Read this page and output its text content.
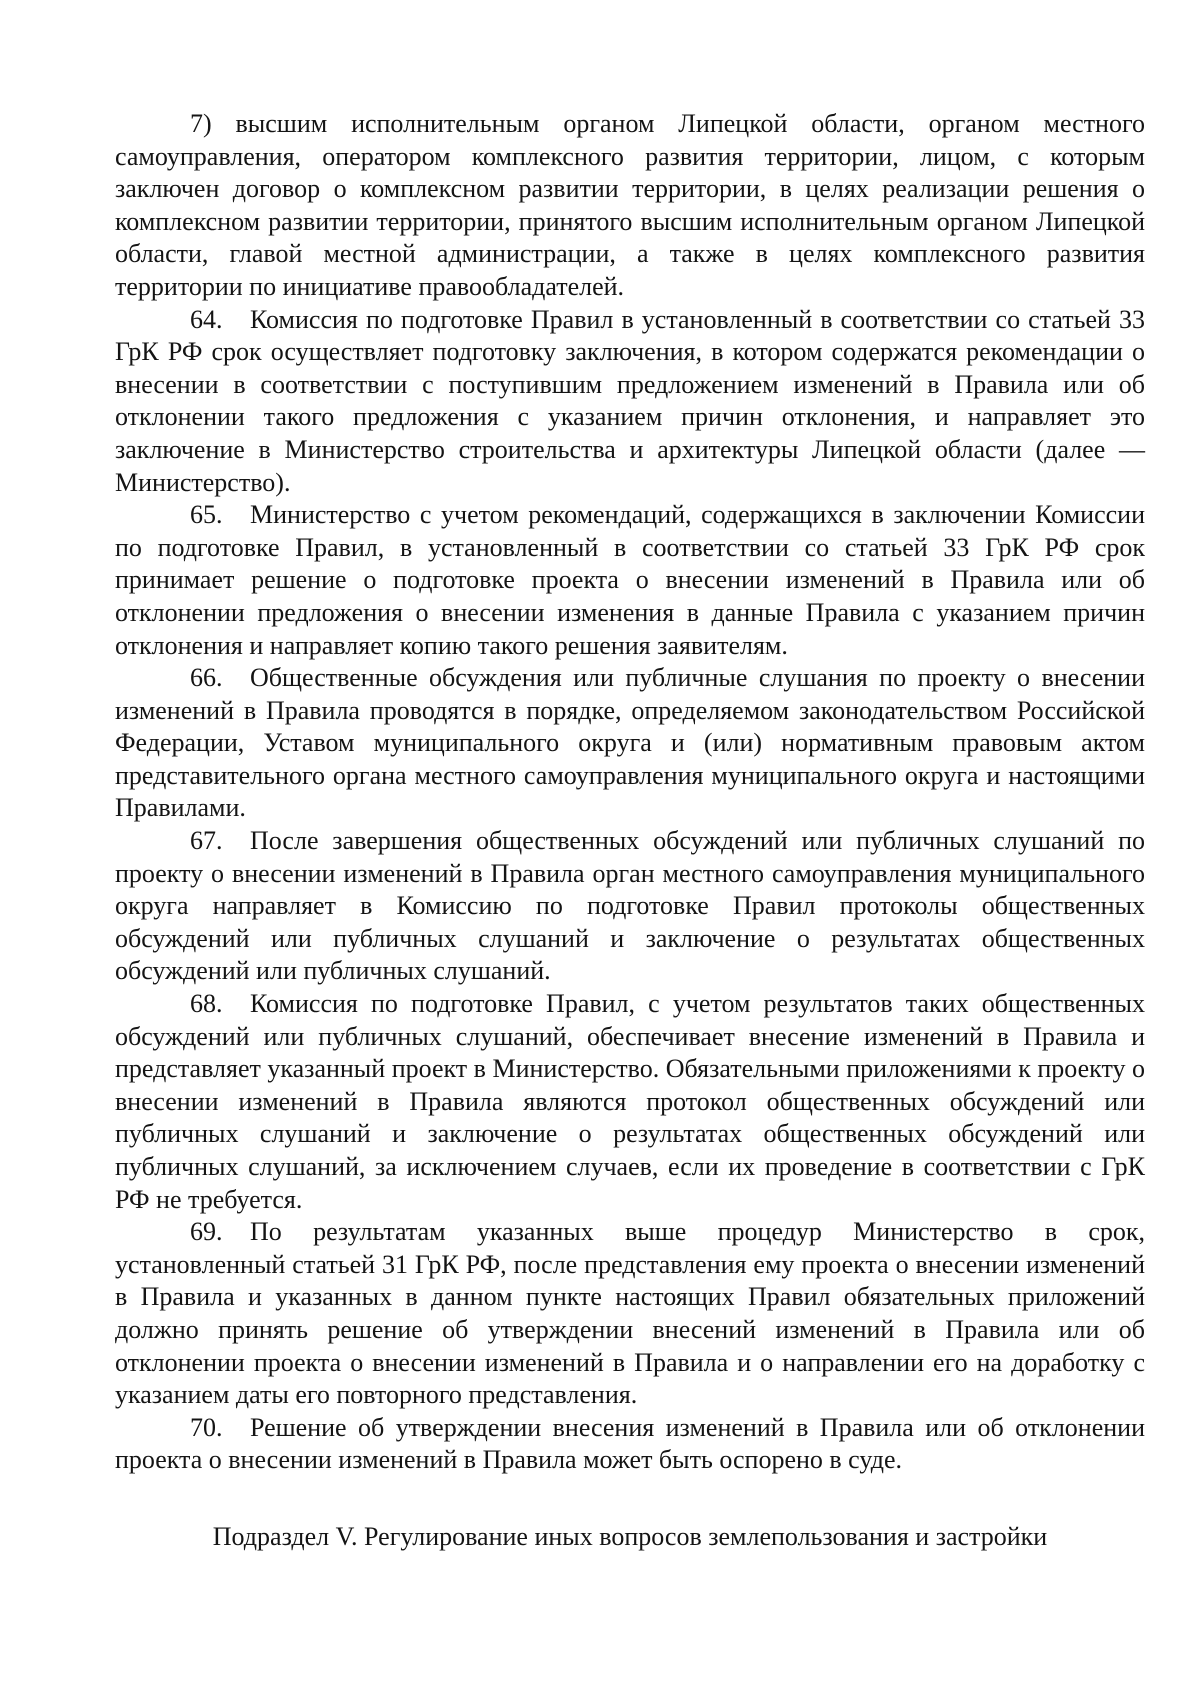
7) высшим исполнительным органом Липецкой области, органом местного самоуправления, оператором комплексного развития территории, лицом, с которым заключен договор о комплексном развитии территории, в целях реализации решения о комплексном развитии территории, принятого высшим исполнительным органом Липецкой области, главой местной администрации, а также в целях комплексного развития территории по инициативе правообладателей.

64. Комиссия по подготовке Правил в установленный в соответствии со статьей 33 ГрК РФ срок осуществляет подготовку заключения, в котором содержатся рекомендации о внесении в соответствии с поступившим предложением изменений в Правила или об отклонении такого предложения с указанием причин отклонения, и направляет это заключение в Министерство строительства и архитектуры Липецкой области (далее — Министерство).

65. Министерство с учетом рекомендаций, содержащихся в заключении Комиссии по подготовке Правил, в установленный в соответствии со статьей 33 ГрК РФ срок принимает решение о подготовке проекта о внесении изменений в Правила или об отклонении предложения о внесении изменения в данные Правила с указанием причин отклонения и направляет копию такого решения заявителям.

66. Общественные обсуждения или публичные слушания по проекту о внесении изменений в Правила проводятся в порядке, определяемом законодательством Российской Федерации, Уставом муниципального округа и (или) нормативным правовым актом представительного органа местного самоуправления муниципального округа и настоящими Правилами.

67. После завершения общественных обсуждений или публичных слушаний по проекту о внесении изменений в Правила орган местного самоуправления муниципального округа направляет в Комиссию по подготовке Правил протоколы общественных обсуждений или публичных слушаний и заключение о результатах общественных обсуждений или публичных слушаний.

68. Комиссия по подготовке Правил, с учетом результатов таких общественных обсуждений или публичных слушаний, обеспечивает внесение изменений в Правила и представляет указанный проект в Министерство. Обязательными приложениями к проекту о внесении изменений в Правила являются протокол общественных обсуждений или публичных слушаний и заключение о результатах общественных обсуждений или публичных слушаний, за исключением случаев, если их проведение в соответствии с ГрК РФ не требуется.

69. По результатам указанных выше процедур Министерство в срок, установленный статьей 31 ГрК РФ, после представления ему проекта о внесении изменений в Правила и указанных в данном пункте настоящих Правил обязательных приложений должно принять решение об утверждении внесений изменений в Правила или об отклонении проекта о внесении изменений в Правила и о направлении его на доработку с указанием даты его повторного представления.

70. Решение об утверждении внесения изменений в Правила или об отклонении проекта о внесении изменений в Правила может быть оспорено в суде.

Подраздел V. Регулирование иных вопросов землепользования и застройки
